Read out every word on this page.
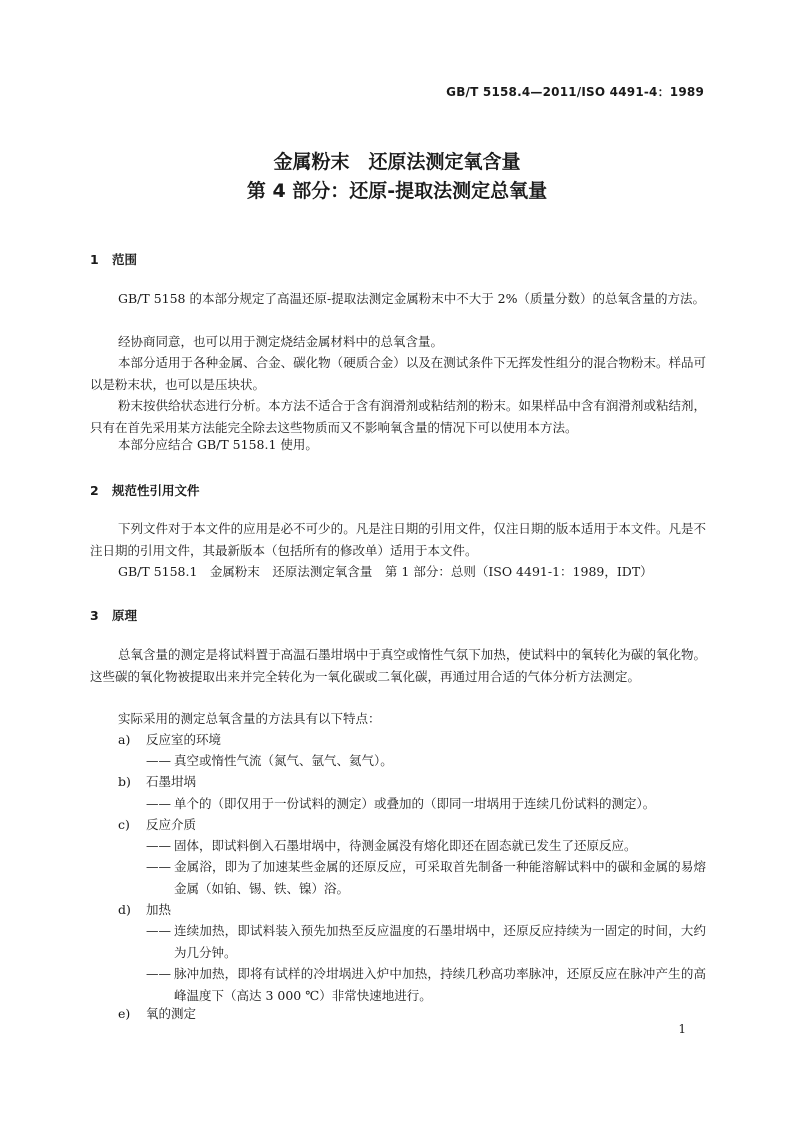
GB/T 5158.4—2011/ISO 4491-4：1989
金属粉末　还原法测定氧含量
第 4 部分：还原-提取法测定总氧量
1 范围
GB/T 5158 的本部分规定了高温还原-提取法测定金属粉末中不大于 2%（质量分数）的总氧含量的方法。
经协商同意，也可以用于测定烧结金属材料中的总氧含量。
本部分适用于各种金属、合金、碳化物（硬质合金）以及在测试条件下无挥发性组分的混合物粉末。样品可以是粉末状，也可以是压块状。
粉末按供给状态进行分析。本方法不适合于含有润滑剂或粘结剂的粉末。如果样品中含有润滑剂或粘结剂，只有在首先采用某方法能完全除去这些物质而又不影响氧含量的情况下可以使用本方法。
本部分应结合 GB/T 5158.1 使用。
2 规范性引用文件
下列文件对于本文件的应用是必不可少的。凡是注日期的引用文件，仅注日期的版本适用于本文件。凡是不注日期的引用文件，其最新版本（包括所有的修改单）适用于本文件。
GB/T 5158.1　金属粉末　还原法测定氧含量　第 1 部分：总则（ISO 4491-1：1989，IDT）
3 原理
总氧含量的测定是将试料置于高温石墨坩埚中于真空或惰性气氛下加热，使试料中的氧转化为碳的氧化物。这些碳的氧化物被提取出来并完全转化为一氧化碳或二氧化碳，再通过用合适的气体分析方法测定。
实际采用的测定总氧含量的方法具有以下特点：
a) 反应室的环境
—— 真空或惰性气流（氮气、氩气、氦气）。
b) 石墨坩埚
—— 单个的（即仅用于一份试料的测定）或叠加的（即同一坩埚用于连续几份试料的测定）。
c) 反应介质
—— 固体，即试料倒入石墨坩埚中，待测金属没有熔化即还在固态就已发生了还原反应。
—— 金属浴，即为了加速某些金属的还原反应，可采取首先制备一种能溶解试料中的碳和金属的易熔金属（如铂、锡、铁、镍）浴。
d) 加热
—— 连续加热，即试料装入预先加热至反应温度的石墨坩埚中，还原反应持续为一固定的时间，大约为几分钟。
—— 脉冲加热，即将有试样的冷坩埚进入炉中加热，持续几秒高功率脉冲，还原反应在脉冲产生的高峰温度下（高达 3 000 ℃）非常快速地进行。
e) 氧的测定
1
